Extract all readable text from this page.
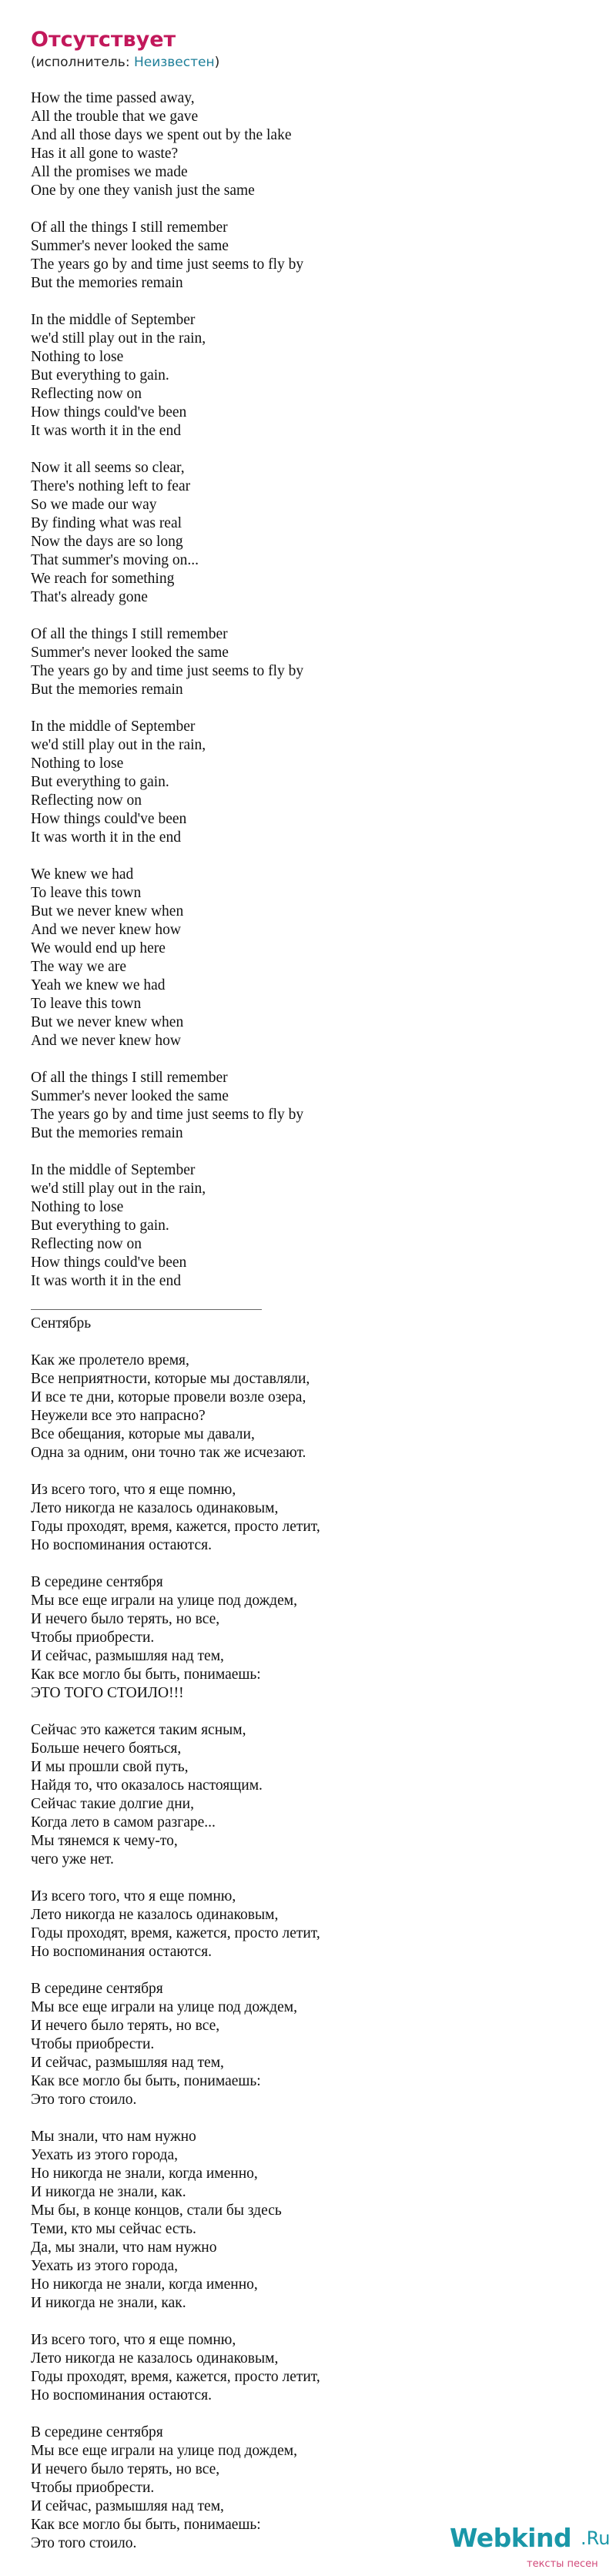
Отсутствует
(исполнитель: Неизвестен)
How the time passed away,
All the trouble that we gave
And all those days we spent out by the lake
Has it all gone to waste?
All the promises we made
One by one they vanish just the same
Of all the things I still remember
Summer's never looked the same
The years go by and time just seems to fly by
But the memories remain
In the middle of September
we'd still play out in the rain,
Nothing to lose
But everything to gain.
Reflecting now on
How things could've been
It was worth it in the end
Now it all seems so clear,
There's nothing left to fear
So we made our way
By finding what was real
Now the days are so long
That summer's moving on...
We reach for something
That's already gone
Of all the things I still remember
Summer's never looked the same
The years go by and time just seems to fly by
But the memories remain
In the middle of September
we'd still play out in the rain,
Nothing to lose
But everything to gain.
Reflecting now on
How things could've been
It was worth it in the end
We knew we had
To leave this town
But we never knew when
And we never knew how
We would end up here
The way we are
Yeah we knew we had
To leave this town
But we never knew when
And we never knew how
Of all the things I still remember
Summer's never looked the same
The years go by and time just seems to fly by
But the memories remain
In the middle of September
we'd still play out in the rain,
Nothing to lose
But everything to gain.
Reflecting now on
How things could've been
It was worth it in the end
Сентябрь
Как же пролетело время,
Все неприятности, которые мы доставляли,
И все те дни, которые провели возле озера,
Неужели все это напрасно?
Все обещания, которые мы давали,
Одна за одним, они точно так же исчезают.
Из всего того, что я еще помню,
Лето никогда не казалось одинаковым,
Годы проходят, время, кажется, просто летит,
Но воспоминания остаются.
В середине сентября
Мы все еще играли на улице под дождем,
И нечего было терять, но все,
Чтобы приобрести.
И сейчас, размышляя над тем,
Как все могло бы быть, понимаешь:
ЭТО ТОГО СТОИЛО!!!
Сейчас это кажется таким ясным,
Больше нечего бояться,
И мы прошли свой путь,
Найдя то, что оказалось настоящим.
Сейчас такие долгие дни,
Когда лето в самом разгаре...
Мы тянемся к чему-то,
чего уже нет.
Из всего того, что я еще помню,
Лето никогда не казалось одинаковым,
Годы проходят, время, кажется, просто летит,
Но воспоминания остаются.
В середине сентября
Мы все еще играли на улице под дождем,
И нечего было терять, но все,
Чтобы приобрести.
И сейчас, размышляя над тем,
Как все могло бы быть, понимаешь:
Это того стоило.
Мы знали, что нам нужно
Уехать из этого города,
Но никогда не знали, когда именно,
И никогда не знали, как.
Мы бы, в конце концов, стали бы здесь
Теми, кто мы сейчас есть.
Да, мы знали, что нам нужно
Уехать из этого города,
Но никогда не знали, когда именно,
И никогда не знали, как.
Из всего того, что я еще помню,
Лето никогда не казалось одинаковым,
Годы проходят, время, кажется, просто летит,
Но воспоминания остаются.
В середине сентября
Мы все еще играли на улице под дождем,
И нечего было терять, но все,
Чтобы приобрести.
И сейчас, размышляя над тем,
Как все могло бы быть, понимаешь:
Это того стоило.	Webkind .Ru
тексты песен
